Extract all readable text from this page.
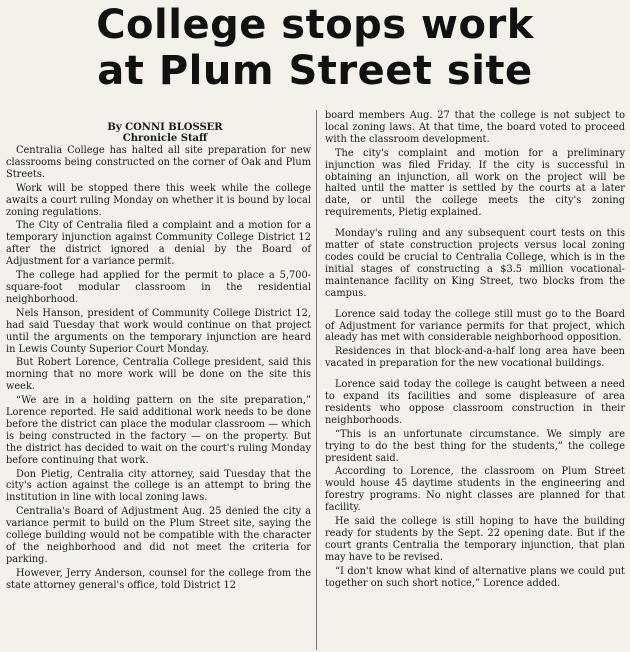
College stops work
at Plum Street site
By CONNI BLOSSER
Chronicle Staff

Centralia College has halted all site preparation for new classrooms being constructed on the corner of Oak and Plum Streets.

Work will be stopped there this week while the college awaits a court ruling Monday on whether it is bound by local zoning regulations.

The City of Centralia filed a complaint and a motion for a temporary injunction against Community College District 12 after the district ignored a denial by the Board of Adjustment for a variance permit.

The college had applied for the permit to place a 5,700-square-foot modular classroom in the residential neighborhood.

Nels Hanson, president of Community College District 12, had said Tuesday that work would continue on that project until the arguments on the temporary injunction are heard in Lewis County Superior Court Monday.

But Robert Lorence, Centralia College president, said this morning that no more work will be done on the site this week.

“We are in a holding pattern on the site preparation,” Lorence reported. He said additional work needs to be done before the district can place the modular classroom — which is being constructed in the factory — on the property. But the district has decided to wait on the court's ruling Monday before continuing that work.

Don Pietig, Centralia city attorney, said Tuesday that the city's action against the college is an attempt to bring the institution in line with local zoning laws.

Centralia's Board of Adjustment Aug. 25 denied the city a variance permit to build on the Plum Street site, saying the college building would not be compatible with the character of the neighborhood and did not meet the criteria for parking.

However, Jerry Anderson, counsel for the college from the state attorney general's office, told District 12

board members Aug. 27 that the college is not subject to local zoning laws. At that time, the board voted to proceed with the classroom development.

The city's complaint and motion for a preliminary injunction was filed Friday. If the city is successful in obtaining an injunction, all work on the project will be halted until the matter is settled by the courts at a later date, or until the college meets the city's zoning requirements, Pietig explained.

Monday's ruling and any subsequent court tests on this matter of state construction projects versus local zoning codes could be crucial to Centralia College, which is in the initial stages of constructing a $3.5 million vocational-maintenance facility on King Street, two blocks from the campus.

Lorence said today the college still must go to the Board of Adjustment for variance permits for that project, which aleady has met with considerable neighborhood opposition.

Residences in that block-and-a-half long area have been vacated in preparation for the new vocational buildings.

Lorence said today the college is caught between a need to expand its facilities and some displeasure of area residents who oppose classroom construction in their neighborhoods.

“This is an unfortunate circumstance. We simply are trying to do the best thing for the students,” the college president said.

According to Lorence, the classroom on Plum Street would house 45 daytime students in the engineering and forestry programs. No night classes are planned for that facility.

He said the college is still hoping to have the building ready for students by the Sept. 22 opening date. But if the court grants Centralia the temporary injunction, that plan may have to be revised.

“I don't know what kind of alternative plans we could put together on such short notice,” Lorence added.
